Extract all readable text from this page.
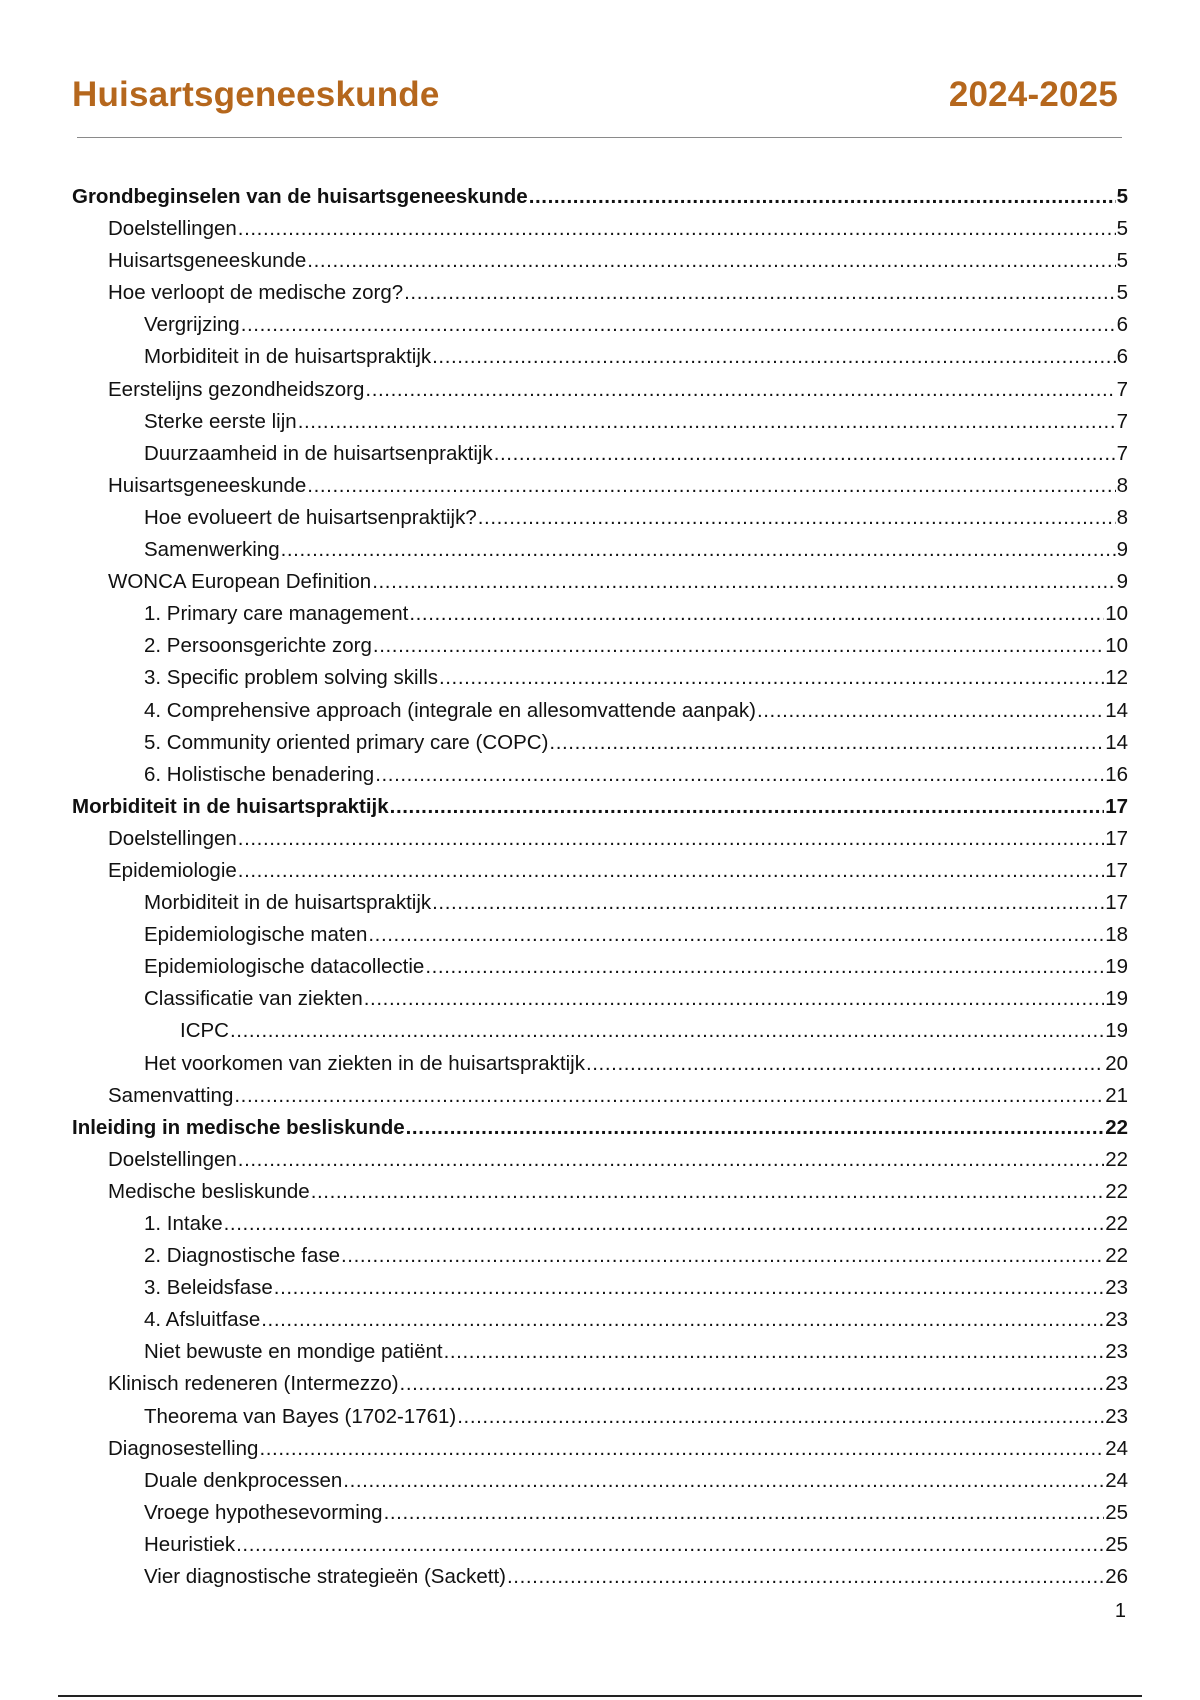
Huisartsgeneeskunde	2024-2025
Grondbeginselen van de huisartsgeneeskunde .....	5
Doelstellingen .....	5
Huisartsgeneeskunde .....	5
Hoe verloopt de medische zorg? .....	5
Vergrijzing .....	6
Morbiditeit in de huisartspraktijk .....	6
Eerstelijns gezondheidszorg .....	7
Sterke eerste lijn .....	7
Duurzaamheid in de huisartsenpraktijk .....	7
Huisartsgeneeskunde .....	8
Hoe evolueert de huisartsenpraktijk? .....	8
Samenwerking .....	9
WONCA European Definition .....	9
1. Primary care management .....	10
2. Persoonsgerichte zorg .....	10
3. Specific problem solving skills .....	12
4. Comprehensive approach (integrale en allesomvattende aanpak) .....	14
5. Community oriented primary care (COPC) .....	14
6. Holistische benadering .....	16
Morbiditeit in de huisartspraktijk .....	17
Doelstellingen .....	17
Epidemiologie .....	17
Morbiditeit in de huisartspraktijk .....	17
Epidemiologische maten .....	18
Epidemiologische datacollectie .....	19
Classificatie van ziekten .....	19
ICPC .....	19
Het voorkomen van ziekten in de huisartspraktijk .....	20
Samenvatting .....	21
Inleiding in medische besliskunde .....	22
Doelstellingen .....	22
Medische besliskunde .....	22
1. Intake .....	22
2. Diagnostische fase .....	22
3. Beleidsfase .....	23
4. Afsluitfase .....	23
Niet bewuste en mondige patiënt .....	23
Klinisch redeneren (Intermezzo) .....	23
Theorema van Bayes (1702-1761) .....	23
Diagnosestelling .....	24
Duale denkprocessen .....	24
Vroege hypothesevorming .....	25
Heuristiek .....	25
Vier diagnostische strategieën (Sackett) .....	26
1
